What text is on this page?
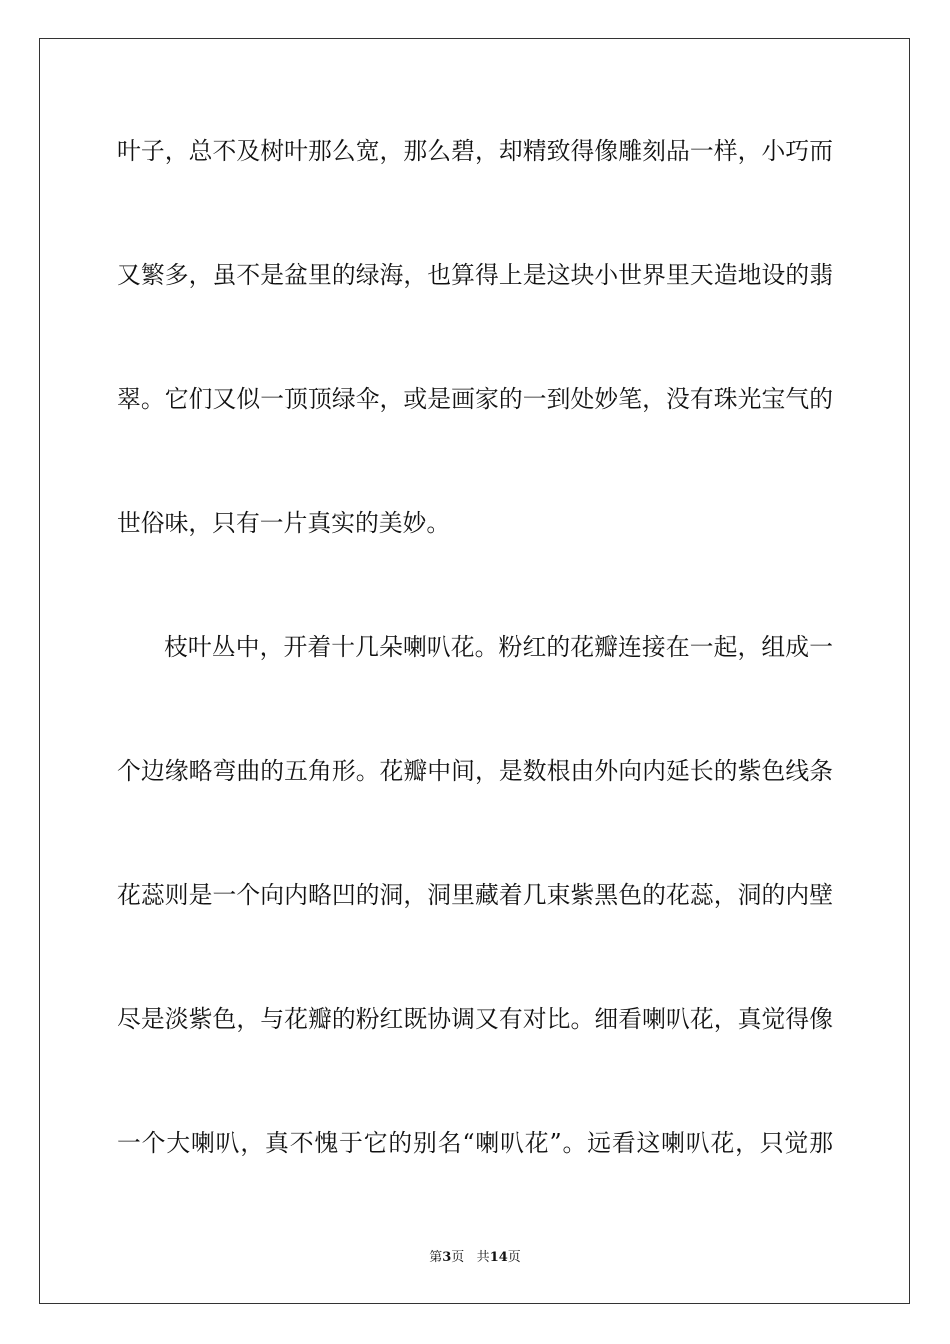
叶子，总不及树叶那么宽，那么碧，却精致得像雕刻品一样，小巧而
又繁多，虽不是盆里的绿海，也算得上是这块小世界里天造地设的翡
翠。它们又似一顶顶绿伞，或是画家的一到处妙笔，没有珠光宝气的
世俗味，只有一片真实的美妙。
枝叶丛中，开着十几朵喇叭花。粉红的花瓣连接在一起，组成一
个边缘略弯曲的五角形。花瓣中间，是数根由外向内延长的紫色线条
花蕊则是一个向内略凹的洞，洞里藏着几束紫黑色的花蕊，洞的内壁
尽是淡紫色，与花瓣的粉红既协调又有对比。细看喇叭花，真觉得像
一个大喇叭，真不愧于它的别名“喇叭花”。远看这喇叭花，只觉那
第3页 共14页
